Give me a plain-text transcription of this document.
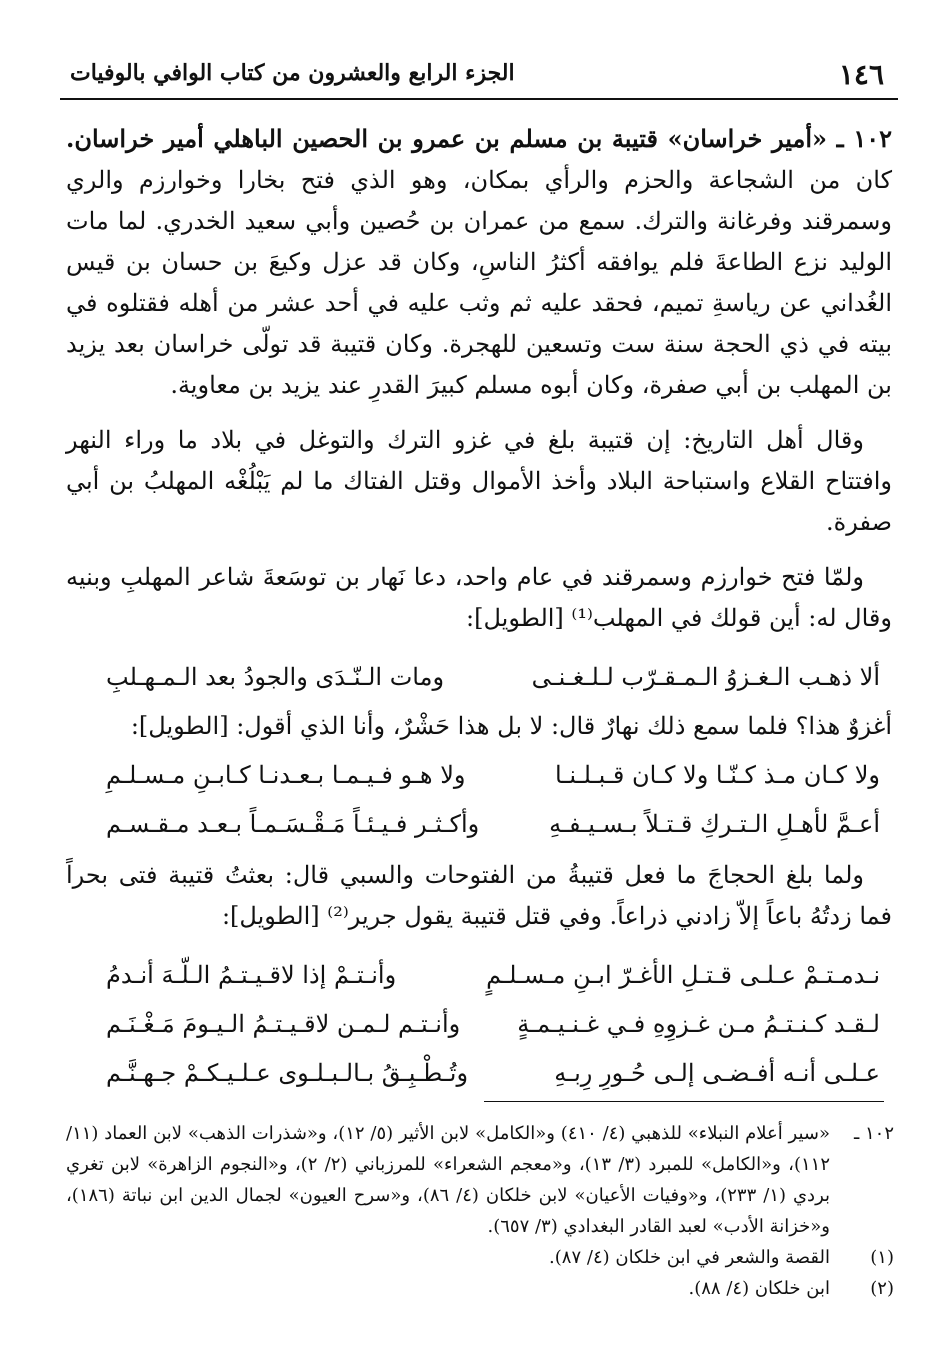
١٤٦
الجزء الرابع والعشرون من كتاب الوافي بالوفيات

١٠٢ ـ «أمير خراسان» قتيبة بن مسلم بن عمرو بن الحصين الباهلي أمير خراسان. كان من الشجاعة والحزم والرأي بمكان، وهو الذي فتح بخارا وخوارزم والري وسمرقند وفرغانة والترك. سمع من عمران بن حُصين وأبي سعيد الخدري. لما مات الوليد نزع الطاعةَ فلم يوافقه أكثرُ الناسِ، وكان قد عزل وكيعَ بن حسان بن قيس الغُداني عن رياسةِ تميم، فحقد عليه ثم وثب عليه في أحد عشر من أهله فقتلوه في بيته في ذي الحجة سنة ست وتسعين للهجرة. وكان قتيبة قد تولّى خراسان بعد يزيد بن المهلب بن أبي صفرة، وكان أبوه مسلم كبيرَ القدرِ عند يزيد بن معاوية.

وقال أهل التاريخ: إن قتيبة بلغ في غزو الترك والتوغل في بلاد ما وراء النهر وافتتاح القلاع واستباحة البلاد وأخذ الأموال وقتل الفتاك ما لم يَبْلُغْه المهلبُ بن أبي صفرة.

ولمّا فتح خوارزم وسمرقند في عام واحد، دعا نَهار بن توسَعةَ شاعر المهلبِ وبنيه وقال له: أين قولك في المهلب⁽¹⁾ [الطويل]:

ألا ذهـب الـغـزوُ الـمـقـرّب لـلـغـنـى
ومات الـنّـدَى والجودُ بعد الـمـهـلبِ

أغزوٌ هذا؟ فلما سمع ذلك نهارٌ قال: لا بل هذا حَشْرٌ، وأنا الذي أقول: [الطويل]:

ولا كـان مـذ كـنّـا ولا كـان قـبـلـنـا
ولا هـو فـيـمـا بـعـدنـا كـابـنِ مـسـلـمِ
أعـمَّ لأهـلِ الـتـركِ قـتـلاً بـسـيـفـهِ
وأكـثـر فـيـئـاً مَـقْـسَـمـاً بـعـد مـقـسـم

ولما بلغ الحجاجَ ما فعل قتيبةُ من الفتوحات والسبي قال: بعثتُ قتيبة فتى بحراً فما زدتُهُ باعاً إلاّ زادني ذراعاً. وفي قتل قتيبة يقول جرير⁽²⁾ [الطويل]:

نـدمـتـمْ عـلـى قـتـلِ الأغـرّ ابـنِ مـسـلـمٍ
وأنـتـمْ إذا لاقـيـتـمُ الـلّـهَ أنـدمُ
لـقـد كـنـتـمُ مـن غـزوِهِ فـي غـنـيـمـةٍ
وأنـتـم لـمـن لاقـيـتـمُ الـيـومَ مَـغْـنَـم
عـلـى أنـه أفـضـى إلـى حُـورِ رِبـهِ
وتُـطْـبِـقُ بـالـبـلـوى عـلـيـكـمْ جـهـنَّـم
١٠٢ ـ
«سير أعلام النبلاء» للذهبي (٤/ ٤١٠) و«الكامل» لابن الأثير (٥/ ١٢)، و«شذرات الذهب» لابن العماد (١١/ ١١٢)، و«الكامل» للمبرد (٣/ ١٣)، و«معجم الشعراء» للمرزباني (٢/ ٢)، و«النجوم الزاهرة» لابن تغري بردي (١/ ٢٣٣)، و«وفيات الأعيان» لابن خلكان (٤/ ٨٦)، و«سرح العيون» لجمال الدين ابن نباتة (١٨٦)، و«خزانة الأدب» لعبد القادر البغدادي (٣/ ٦٥٧).
(١)
القصة والشعر في ابن خلكان (٤/ ٨٧).
(٢)
ابن خلكان (٤/ ٨٨).
